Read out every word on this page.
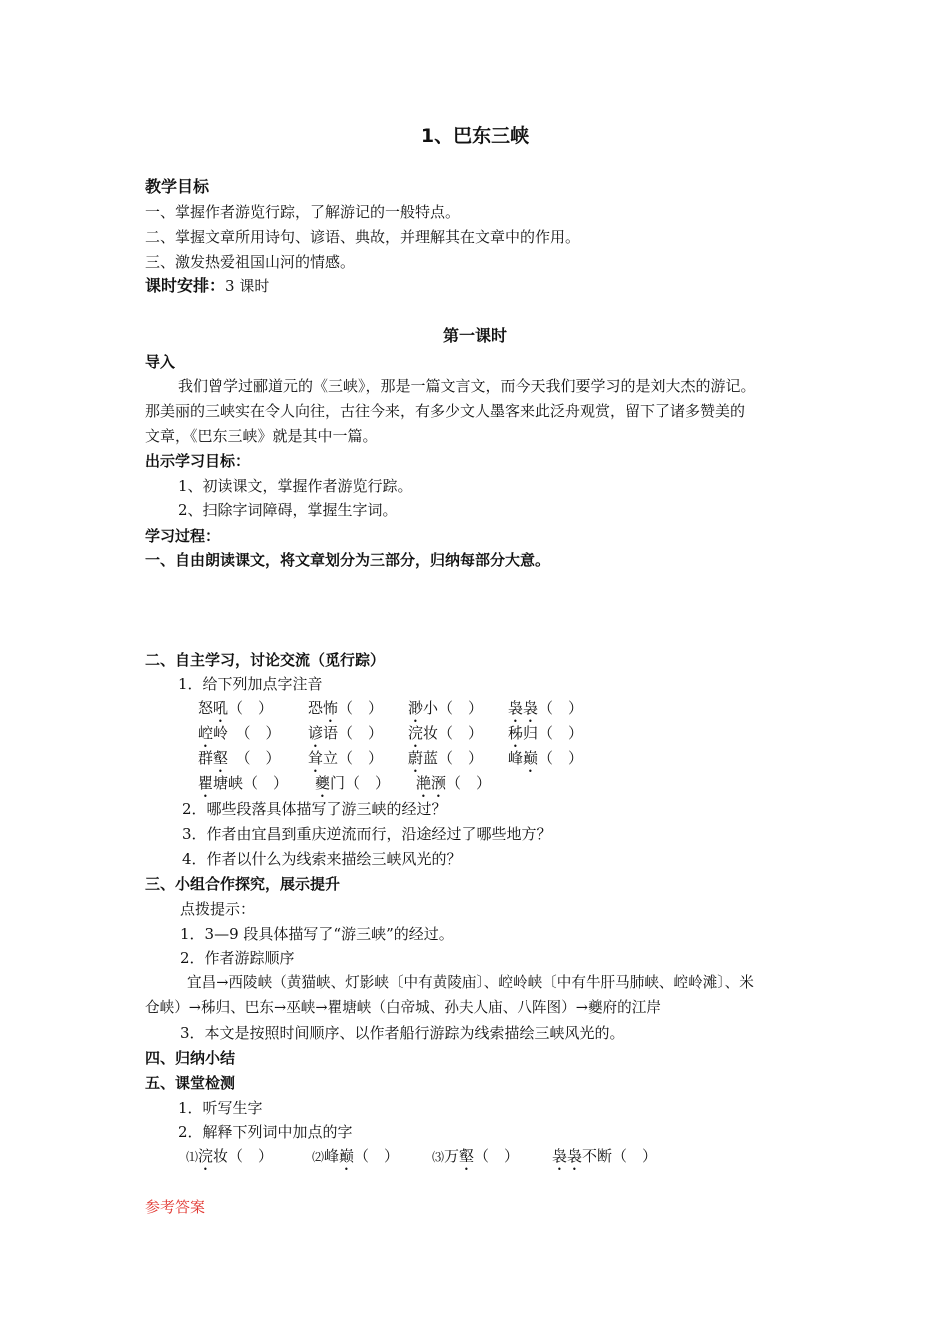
1、巴东三峡
教学目标
一、掌握作者游览行踪，了解游记的一般特点。
二、掌握文章所用诗句、谚语、典故，并理解其在文章中的作用。
三、激发热爱祖国山河的情感。
课时安排：3 课时
第一课时
导入
我们曾学过郦道元的《三峡》，那是一篇文言文，而今天我们要学习的是刘大杰的游记。
那美丽的三峡实在令人向往，古往今来，有多少文人墨客来此泛舟观赏，留下了诸多赞美的
文章，《巴东三峡》就是其中一篇。
出示学习目标：
1、初读课文，掌握作者游览行踪。
2、扫除字词障碍，掌握生字词。
学习过程：
一、自由朗读课文，将文章划分为三部分，归纳每部分大意。
二、自主学习，讨论交流（觅行踪）
1．给下列加点字注音
怒吼（　） 恐怖（　） 渺小（　） 袅袅（　）
崆岭　（　） 谚语（　） 浣妆（　） 秭归（　）
群壑　（　） 耸立（　） 蔚蓝（　） 峰巅（　）
瞿塘峡（　） 夔门（　） 滟滪（　）
2．哪些段落具体描写了游三峡的经过？
3．作者由宜昌到重庆逆流而行，沿途经过了哪些地方？
4．作者以什么为线索来描绘三峡风光的？
三、小组合作探究，展示提升
点拨提示：
1．3—9 段具体描写了“游三峡”的经过。
2．作者游踪顺序
宜昌→西陵峡（黄猫峡、灯影峡〔中有黄陵庙〕、崆岭峡〔中有牛肝马肺峡、崆岭滩〕、米
仓峡）→秭归、巴东→巫峡→瞿塘峡（白帝城、孙夫人庙、八阵图）→夔府的江岸
3．本文是按照时间顺序、以作者船行游踪为线索描绘三峡风光的。
四、归纳小结
五、课堂检测
1．听写生字
2．解释下列词中加点的字
⑴浣妆（　）	⑵峰巅（　）	⑶万壑（　） 袅袅不断（　）
参考答案
